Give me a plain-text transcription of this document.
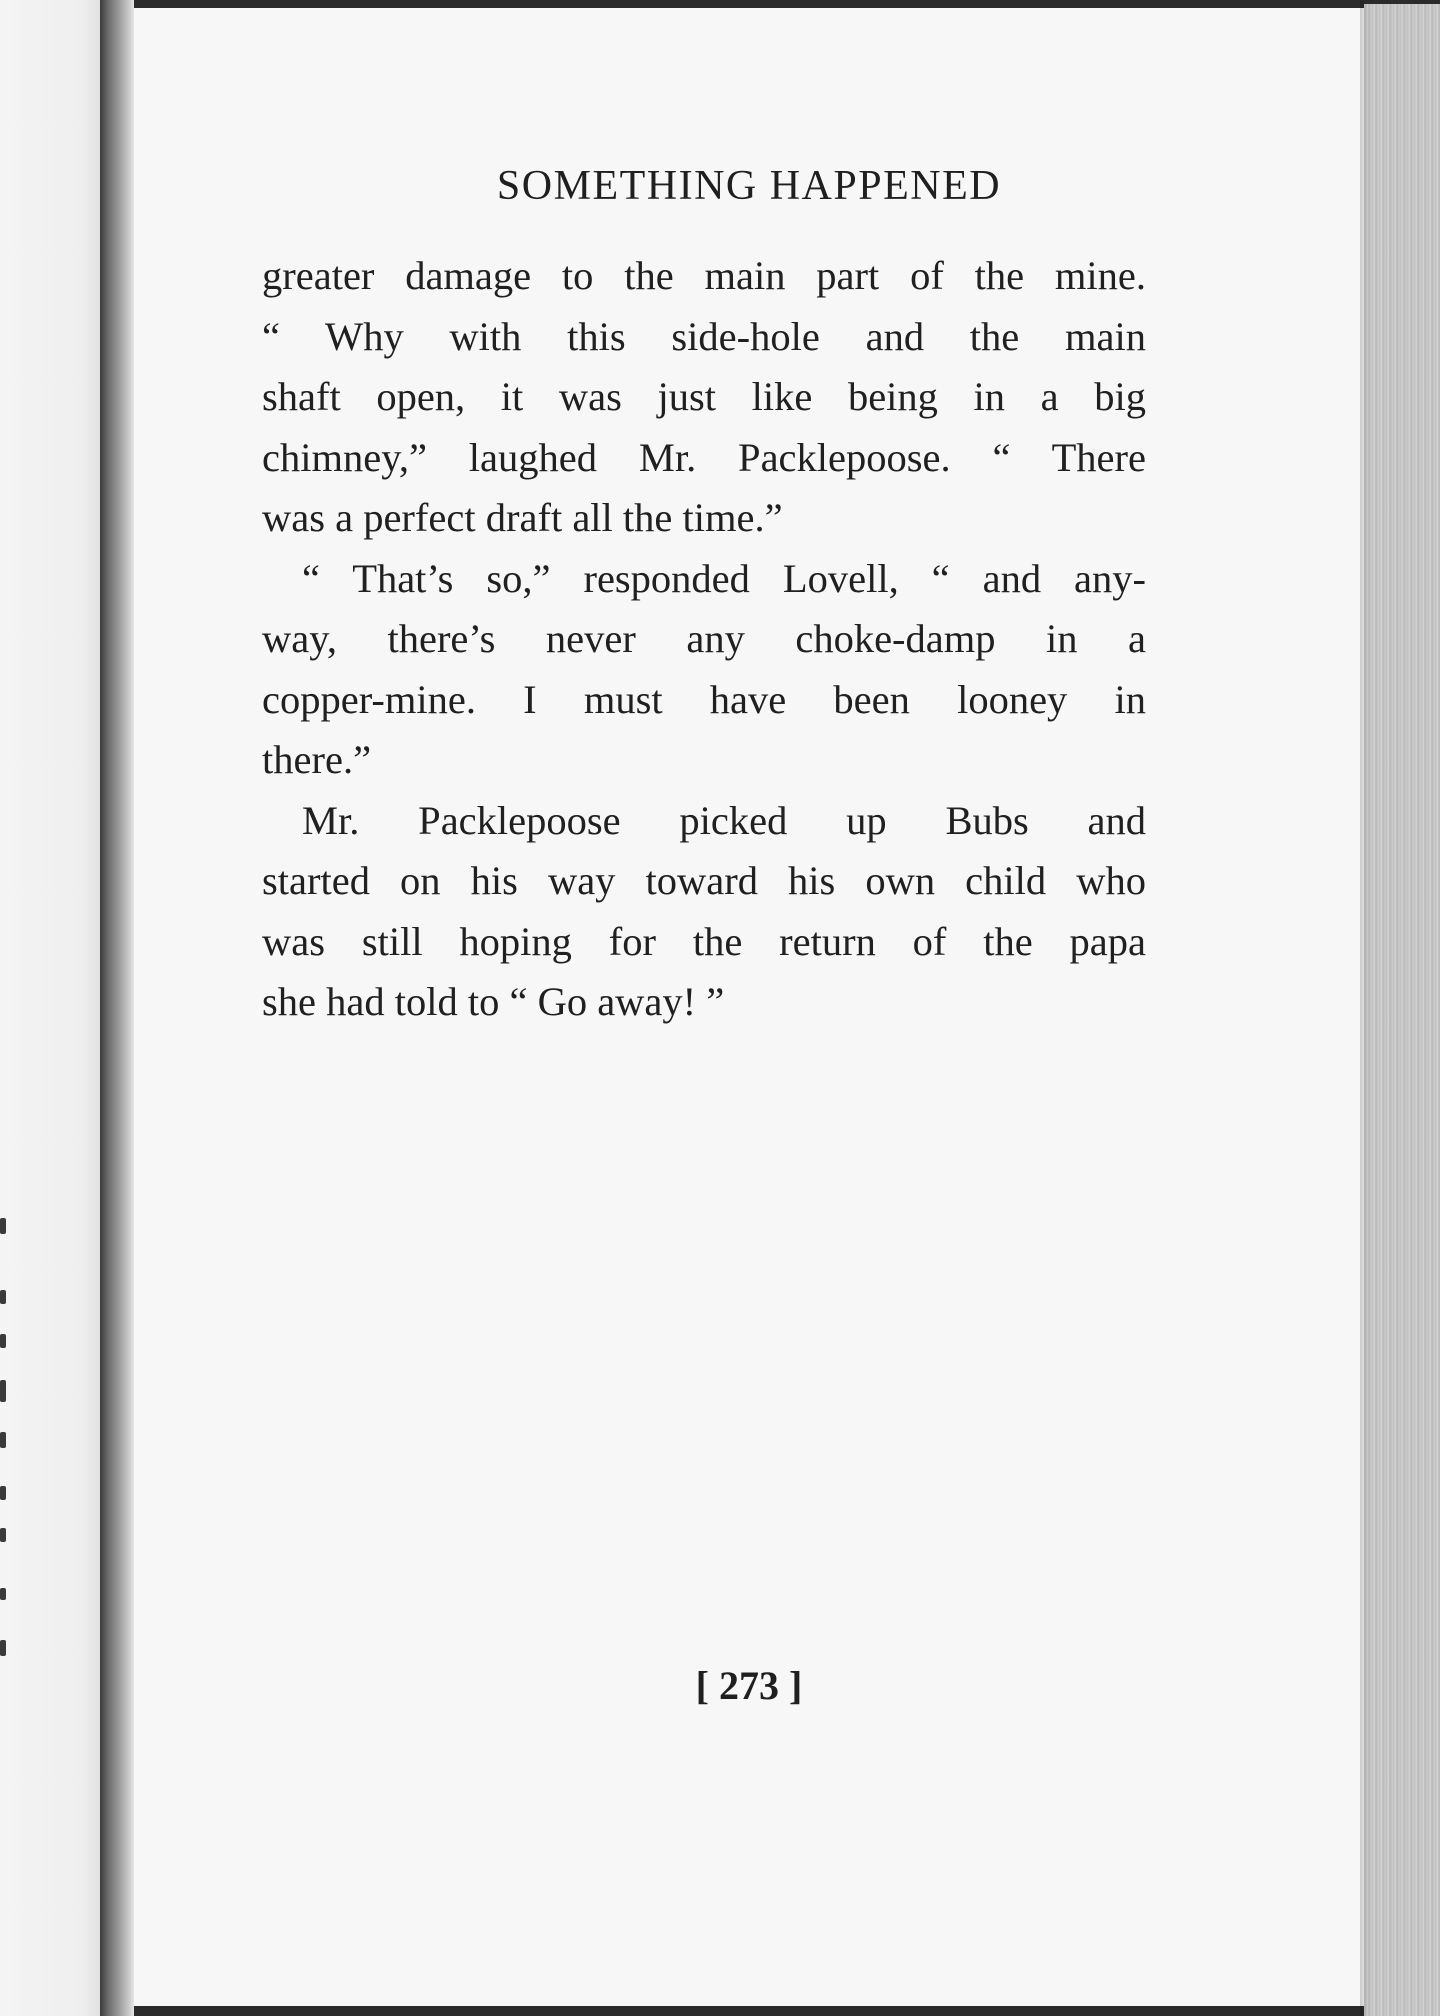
SOMETHING HAPPENED
greater damage to the main part of the mine.
“ Why with this side-hole and the main
shaft open, it was just like being in a big
chimney,” laughed Mr. Packlepoose. “ There
was a perfect draft all the time.”
“ That’s so,” responded Lovell, “ and any-
way, there’s never any choke-damp in a
copper-mine. I must have been looney in
there.”
Mr. Packlepoose picked up Bubs and
started on his way toward his own child who
was still hoping for the return of the papa
she had told to “ Go away! ”
[ 273 ]
